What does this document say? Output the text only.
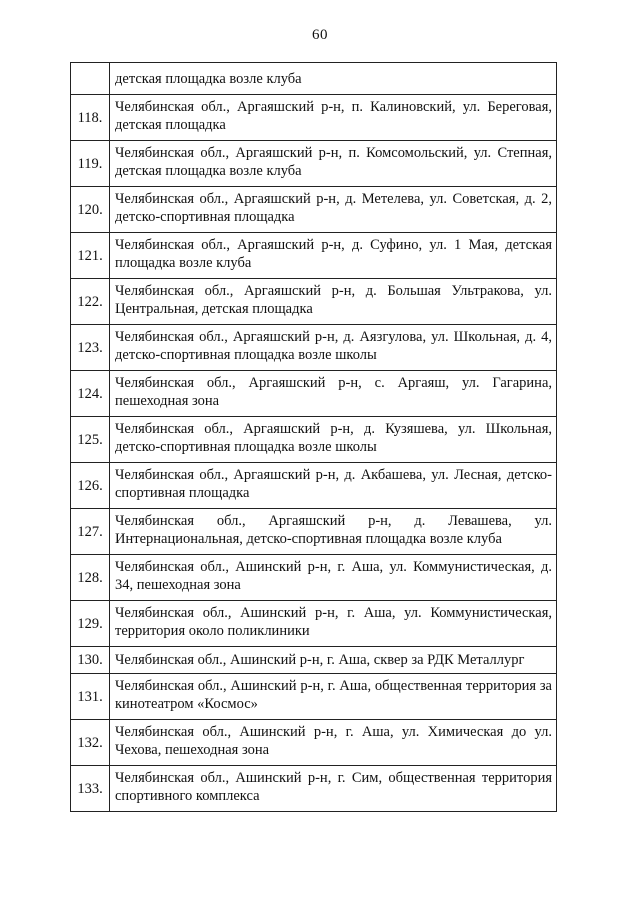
60
	детская площадка возле клуба
118.	Челябинская обл., Аргаяшский р-н, п. Калиновский, ул. Береговая, детская площадка
119.	Челябинская обл., Аргаяшский р-н, п. Комсомольский, ул. Степная, детская площадка возле клуба
120.	Челябинская обл., Аргаяшский р-н, д. Метелева, ул. Советская, д. 2, детско-спортивная площадка
121.	Челябинская обл., Аргаяшский р-н, д. Суфино, ул. 1 Мая, детская площадка возле клуба
122.	Челябинская обл., Аргаяшский р-н, д. Большая Ультракова, ул. Центральная, детская площадка
123.	Челябинская обл., Аргаяшский р-н, д. Аязгулова, ул. Школьная, д. 4, детско-спортивная площадка возле школы
124.	Челябинская обл., Аргаяшский р-н, с. Аргаяш, ул. Гагарина, пешеходная зона
125.	Челябинская обл., Аргаяшский р-н, д. Кузяшева, ул. Школьная, детско-спортивная площадка возле школы
126.	Челябинская обл., Аргаяшский р-н, д. Акбашева, ул. Лесная, детско-спортивная площадка
127.	Челябинская обл., Аргаяшский р-н, д. Левашева, ул. Интернациональная, детско-спортивная площадка возле клуба
128.	Челябинская обл., Ашинский р-н, г. Аша, ул. Коммунистическая, д. 34, пешеходная зона
129.	Челябинская обл., Ашинский р-н, г. Аша, ул. Коммунистическая, территория около поликлиники
130.	Челябинская обл., Ашинский р-н, г. Аша, сквер за РДК Металлург
131.	Челябинская обл., Ашинский р-н, г. Аша, общественная территория за кинотеатром «Космос»
132.	Челябинская обл., Ашинский р-н, г. Аша, ул. Химическая до ул. Чехова, пешеходная зона
133.	Челябинская обл., Ашинский р-н, г. Сим, общественная территория спортивного комплекса
